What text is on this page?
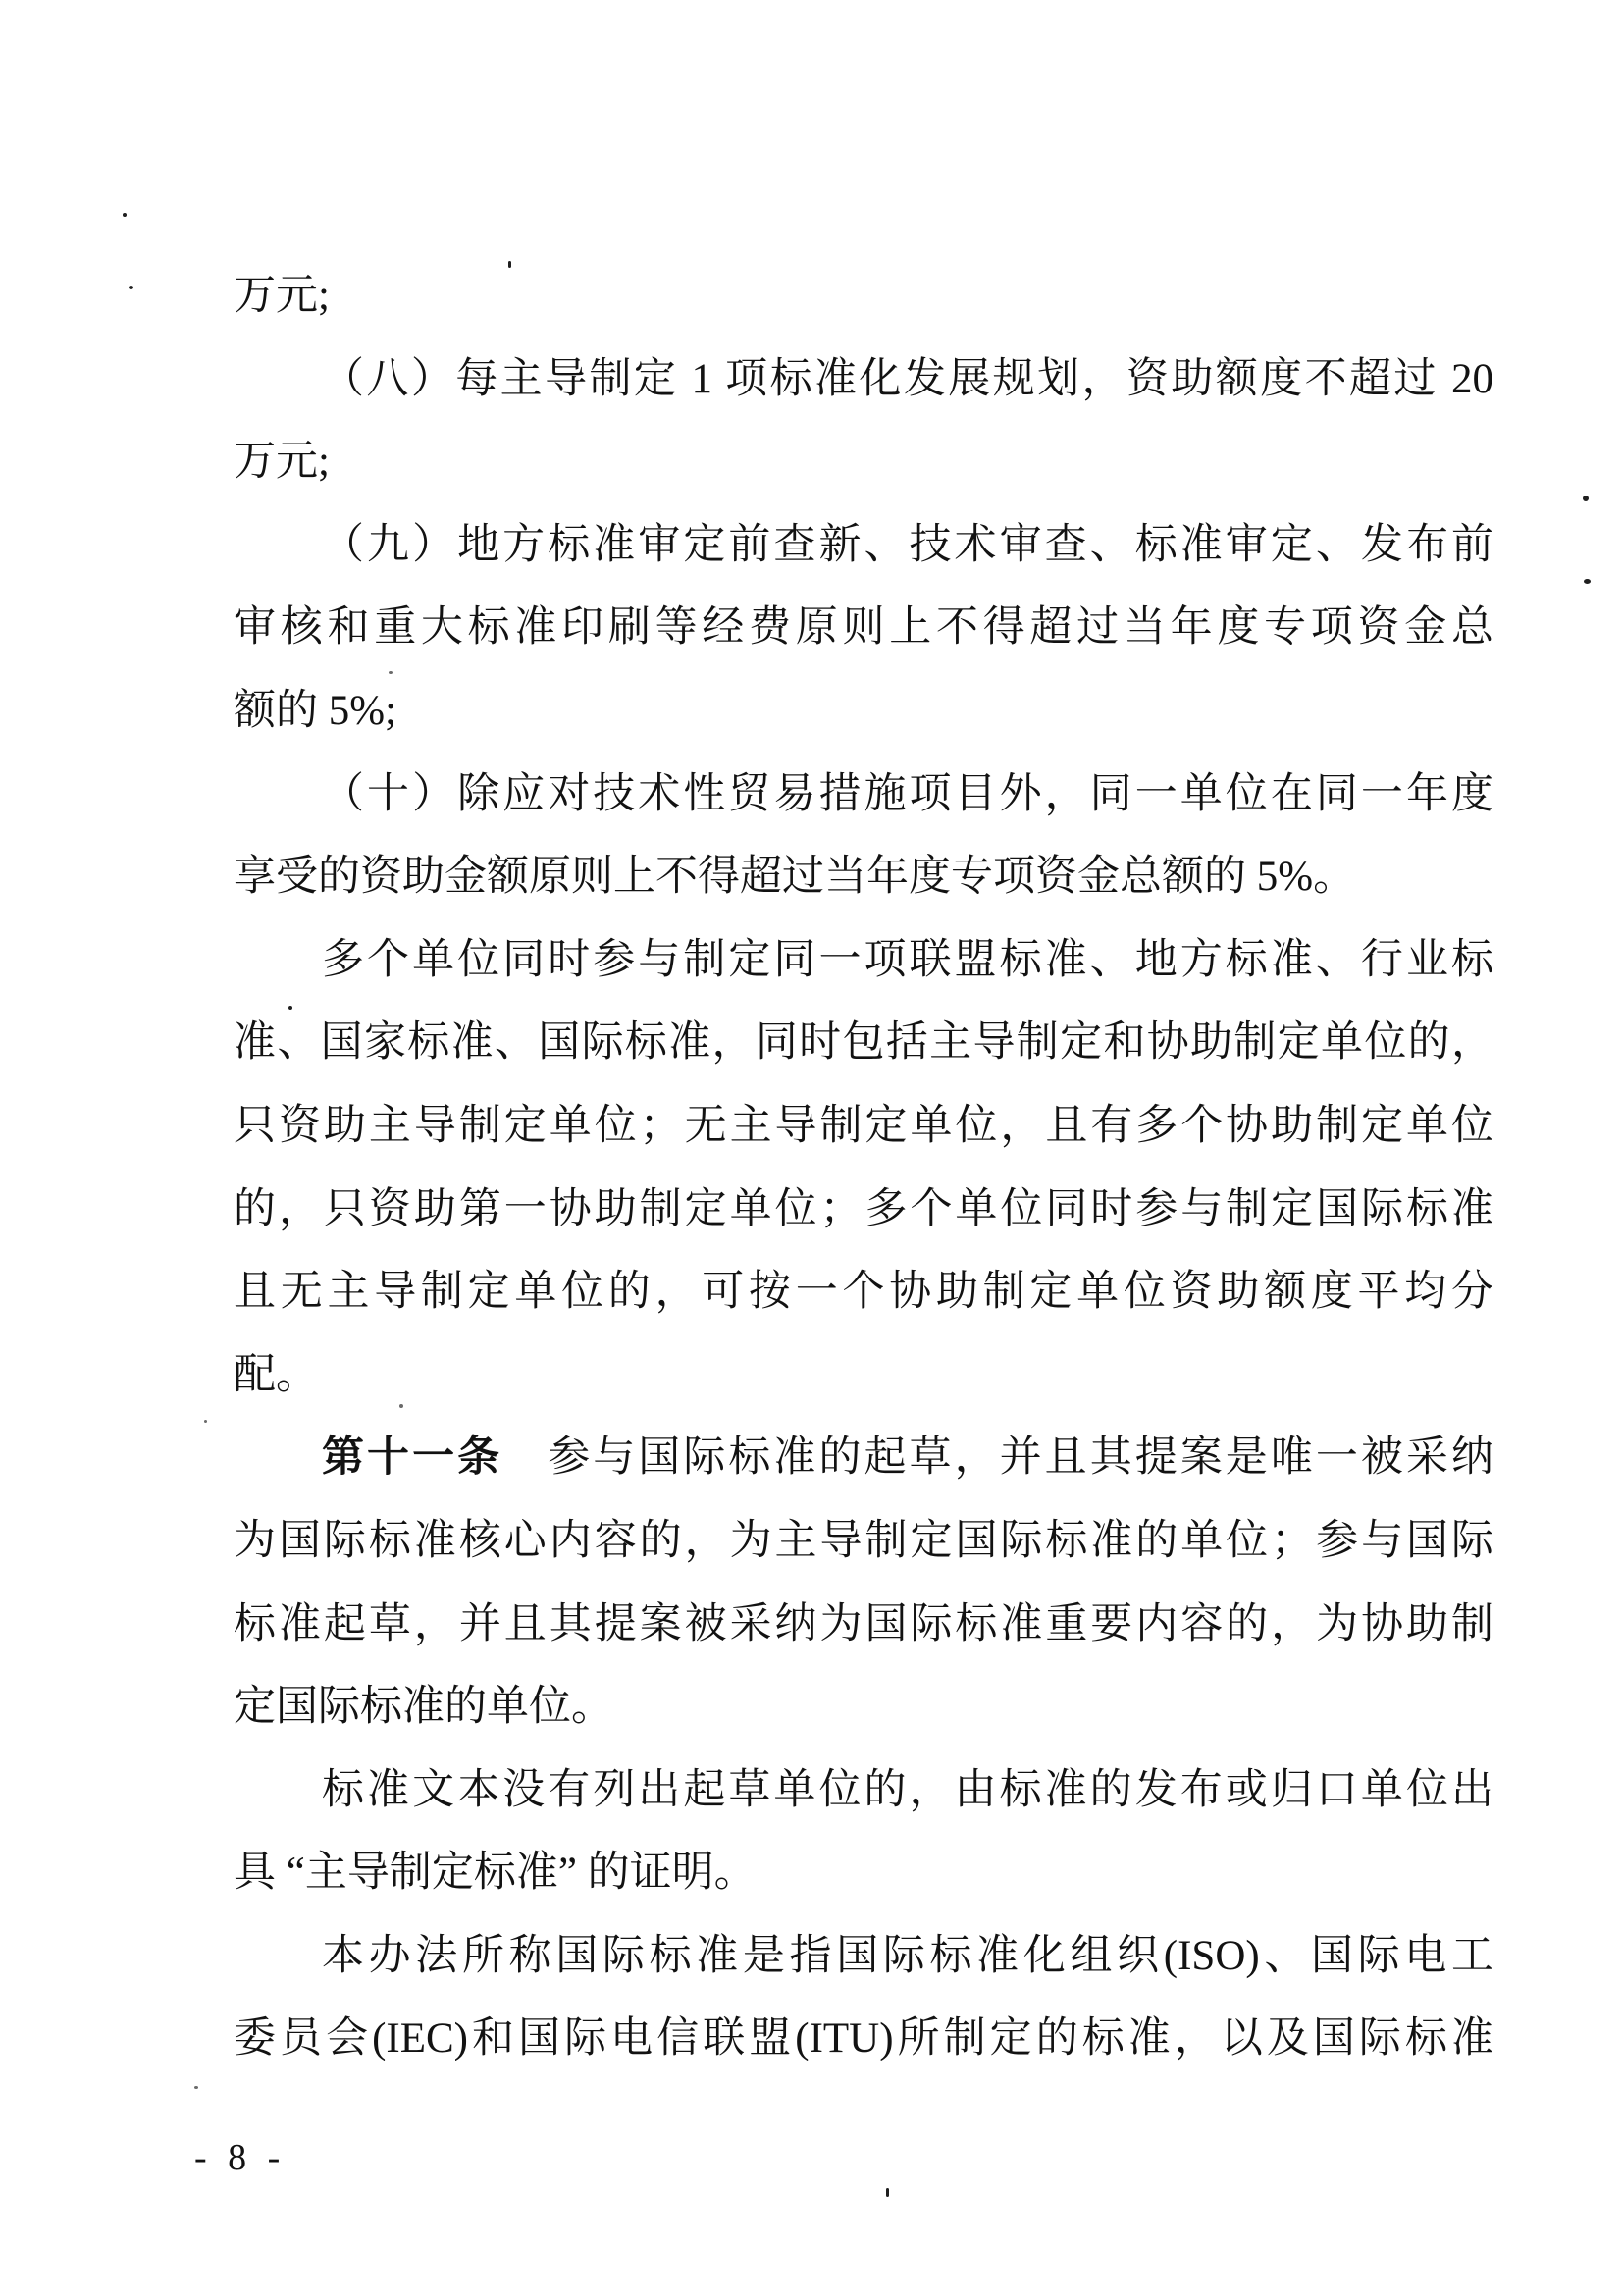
万元;
（八）每主导制定 1 项标准化发展规划，资助额度不超过 20
万元;
（九）地方标准审定前查新、技术审查、标准审定、发布前
审核和重大标准印刷等经费原则上不得超过当年度专项资金总
额的 5%;
（十）除应对技术性贸易措施项目外，同一单位在同一年度
享受的资助金额原则上不得超过当年度专项资金总额的 5%。
多个单位同时参与制定同一项联盟标准、地方标准、行业标
准、国家标准、国际标准，同时包括主导制定和协助制定单位的，
只资助主导制定单位；无主导制定单位，且有多个协助制定单位
的，只资助第一协助制定单位；多个单位同时参与制定国际标准
且无主导制定单位的，可按一个协助制定单位资助额度平均分
配。
第十一条　参与国际标准的起草，并且其提案是唯一被采纳
为国际标准核心内容的，为主导制定国际标准的单位；参与国际
标准起草，并且其提案被采纳为国际标准重要内容的，为协助制
定国际标准的单位。
标准文本没有列出起草单位的，由标准的发布或归口单位出
具 “主导制定标准” 的证明。
本办法所称国际标准是指国际标准化组织(ISO)、国际电工
委员会(IEC)和国际电信联盟(ITU)所制定的标准，以及国际标准
- 8 -
